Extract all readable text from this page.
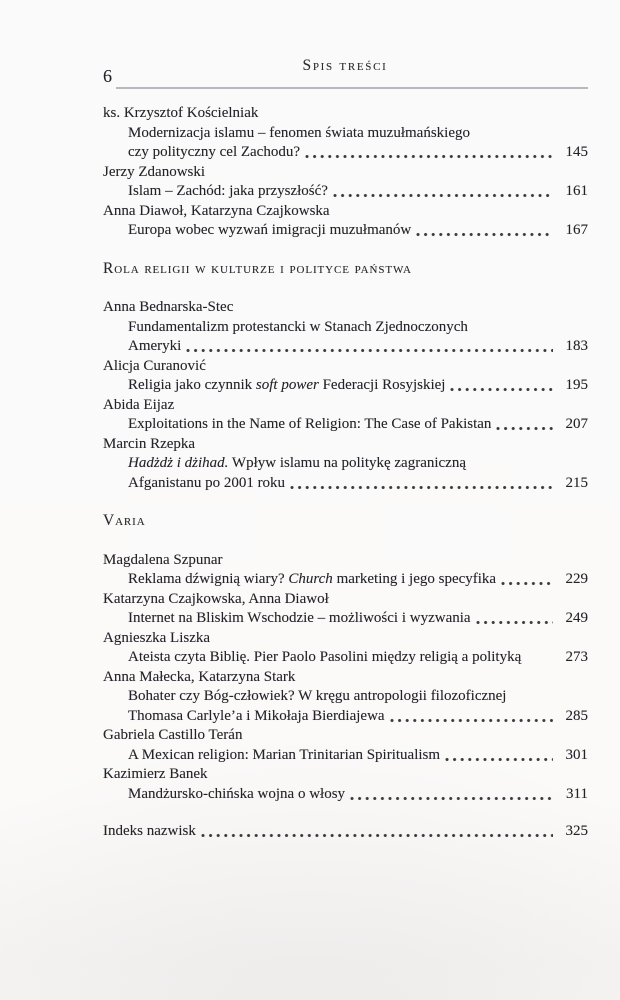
6
Spis treści
ks. Krzysztof Kościelniak
Modernizacja islamu – fenomen świata muzułmańskiego
czy polityczny cel Zachodu?	145
Jerzy Zdanowski
Islam – Zachód: jaka przyszłość?	161
Anna Diawoł, Katarzyna Czajkowska
Europa wobec wyzwań imigracji muzułmanów	167
Rola religii w kulturze i polityce państwa
Anna Bednarska-Stec
Fundamentalizm protestancki w Stanach Zjednoczonych
Ameryki	183
Alicja Curanović
Religia jako czynnik soft power Federacji Rosyjskiej	195
Abida Eijaz
Exploitations in the Name of Religion: The Case of Pakistan	207
Marcin Rzepka
Hadżdż i dżihad. Wpływ islamu na politykę zagraniczną
Afganistanu po 2001 roku	215
Varia
Magdalena Szpunar
Reklama dźwignią wiary? Church marketing i jego specyfika	229
Katarzyna Czajkowska, Anna Diawoł
Internet na Bliskim Wschodzie – możliwości i wyzwania	249
Agnieszka Liszka
Ateista czyta Biblię. Pier Paolo Pasolini między religią a polityką	273
Anna Małecka, Katarzyna Stark
Bohater czy Bóg-człowiek? W kręgu antropologii filozoficznej
Thomasa Carlyle’a i Mikołaja Bierdiajewa	285
Gabriela Castillo Terán
A Mexican religion: Marian Trinitarian Spiritualism	301
Kazimierz Banek
Mandżursko-chińska wojna o włosy	311
Indeks nazwisk	325
